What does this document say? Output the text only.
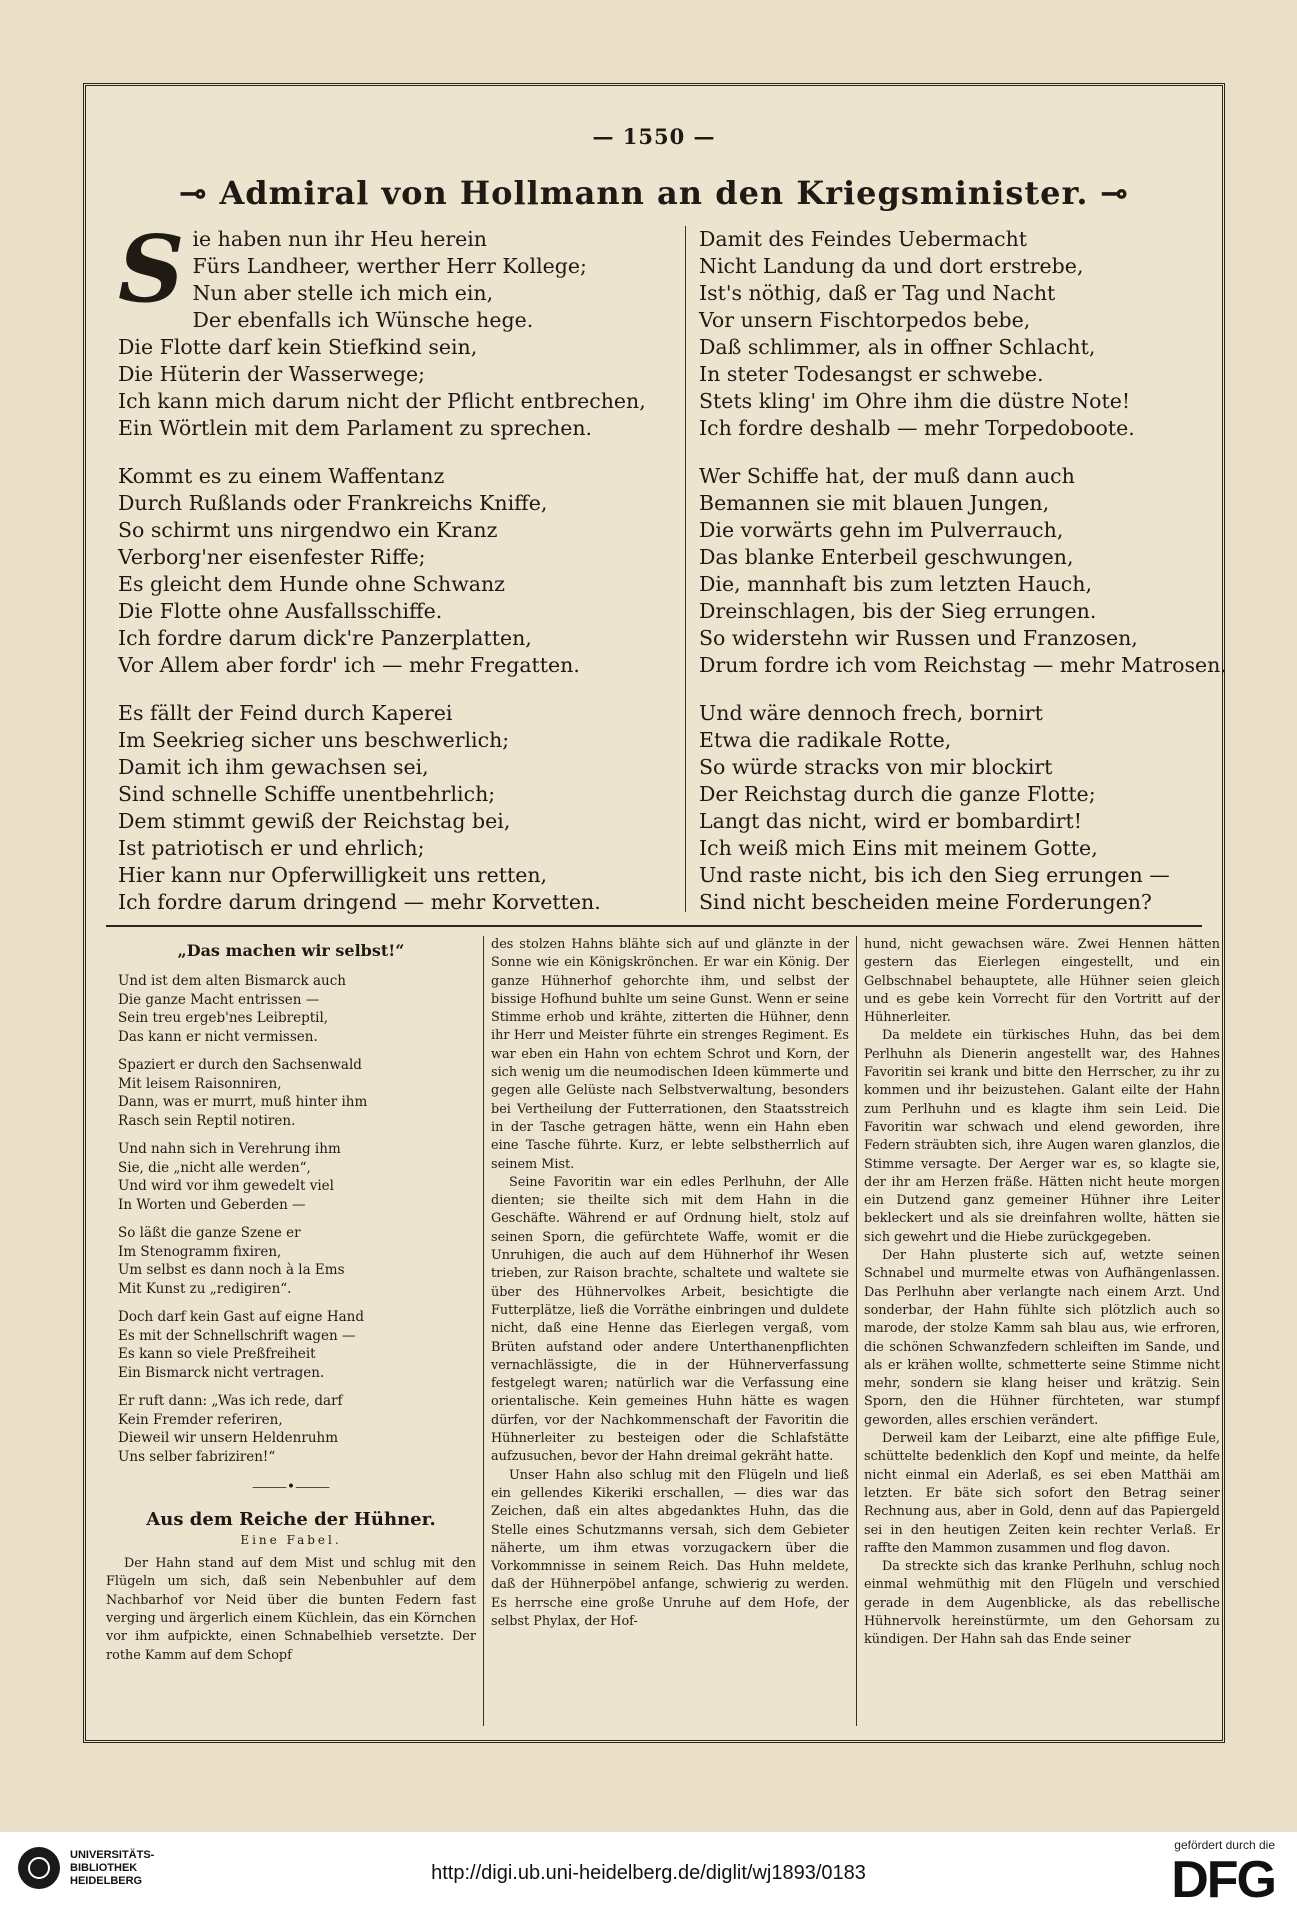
— 1550 —
⊸ Admiral von Hollmann an den Kriegsminister. ⊸
S ie haben nun ihr Heu herein
Fürs Landheer, werther Herr Kollege;
Nun aber stelle ich mich ein,
Der ebenfalls ich Wünsche hege.
Die Flotte darf kein Stiefkind sein,
Die Hüterin der Wasserwege;
Ich kann mich darum nicht der Pflicht entbrechen,
Ein Wörtlein mit dem Parlament zu sprechen.
Kommt es zu einem Waffentanz
Durch Rußlands oder Frankreichs Kniffe,
So schirmt uns nirgendwo ein Kranz
Verborg'ner eisenfester Riffe;
Es gleicht dem Hunde ohne Schwanz
Die Flotte ohne Ausfallsschiffe.
Ich fordre darum dick're Panzerplatten,
Vor Allem aber fordr' ich — mehr Fregatten.
Es fällt der Feind durch Kaperei
Im Seekrieg sicher uns beschwerlich;
Damit ich ihm gewachsen sei,
Sind schnelle Schiffe unentbehrlich;
Dem stimmt gewiß der Reichstag bei,
Ist patriotisch er und ehrlich;
Hier kann nur Opferwilligkeit uns retten,
Ich fordre darum dringend — mehr Korvetten.
Damit des Feindes Uebermacht
Nicht Landung da und dort erstrebe,
Ist's nöthig, daß er Tag und Nacht
Vor unsern Fischtorpedos bebe,
Daß schlimmer, als in offner Schlacht,
In steter Todesangst er schwebe.
Stets kling' im Ohre ihm die düstre Note!
Ich fordre deshalb — mehr Torpedoboote.
Wer Schiffe hat, der muß dann auch
Bemannen sie mit blauen Jungen,
Die vorwärts gehn im Pulverrauch,
Das blanke Enterbeil geschwungen,
Die, mannhaft bis zum letzten Hauch,
Dreinschlagen, bis der Sieg errungen.
So widerstehn wir Russen und Franzosen,
Drum fordre ich vom Reichstag — mehr Matrosen.
Und wäre dennoch frech, bornirt
Etwa die radikale Rotte,
So würde stracks von mir blockirt
Der Reichstag durch die ganze Flotte;
Langt das nicht, wird er bombardirt!
Ich weiß mich Eins mit meinem Gotte,
Und raste nicht, bis ich den Sieg errungen —
Sind nicht bescheiden meine Forderungen?
„Das machen wir selbst!“
Und ist dem alten Bismarck auch
Die ganze Macht entrissen —
Sein treu ergeb'nes Leibreptil,
Das kann er nicht vermissen.
Spaziert er durch den Sachsenwald
Mit leisem Raisonniren,
Dann, was er murrt, muß hinter ihm
Rasch sein Reptil notiren.
Und nahn sich in Verehrung ihm
Sie, die „nicht alle werden“,
Und wird vor ihm gewedelt viel
In Worten und Geberden —
So läßt die ganze Szene er
Im Stenogramm fixiren,
Um selbst es dann noch à la Ems
Mit Kunst zu „redigiren“.
Doch darf kein Gast auf eigne Hand
Es mit der Schnellschrift wagen —
Es kann so viele Preßfreiheit
Ein Bismarck nicht vertragen.
Er ruft dann: „Was ich rede, darf
Kein Fremder referiren,
Dieweil wir unsern Heldenruhm
Uns selber fabriziren!“
⸻•⸻
Aus dem Reiche der Hühner.
Eine Fabel.

Der Hahn stand auf dem Mist und schlug mit den Flügeln um sich, daß sein Nebenbuhler auf dem Nachbarhof vor Neid über die bunten Federn fast verging und ärgerlich einem Küchlein, das ein Körnchen vor ihm aufpickte, einen Schnabelhieb versetzte. Der rothe Kamm auf dem Schopf

des stolzen Hahns blähte sich auf und glänzte in der Sonne wie ein Königskrönchen. Er war ein König. Der ganze Hühnerhof gehorchte ihm, und selbst der bissige Hofhund buhlte um seine Gunst. Wenn er seine Stimme erhob und krähte, zitterten die Hühner, denn ihr Herr und Meister führte ein strenges Regiment. Es war eben ein Hahn von echtem Schrot und Korn, der sich wenig um die neumodischen Ideen kümmerte und gegen alle Gelüste nach Selbstverwaltung, besonders bei Vertheilung der Futterrationen, den Staatsstreich in der Tasche getragen hätte, wenn ein Hahn eben eine Tasche führte. Kurz, er lebte selbstherrlich auf seinem Mist.

Seine Favoritin war ein edles Perlhuhn, der Alle dienten; sie theilte sich mit dem Hahn in die Geschäfte. Während er auf Ordnung hielt, stolz auf seinen Sporn, die gefürchtete Waffe, womit er die Unruhigen, die auch auf dem Hühnerhof ihr Wesen trieben, zur Raison brachte, schaltete und waltete sie über des Hühnervolkes Arbeit, besichtigte die Futterplätze, ließ die Vorräthe einbringen und duldete nicht, daß eine Henne das Eierlegen vergaß, vom Brüten aufstand oder andere Unterthanenpflichten vernachlässigte, die in der Hühnerverfassung festgelegt waren; natürlich war die Verfassung eine orientalische. Kein gemeines Huhn hätte es wagen dürfen, vor der Nachkommenschaft der Favoritin die Hühnerleiter zu besteigen oder die Schlafstätte aufzusuchen, bevor der Hahn dreimal gekräht hatte.

Unser Hahn also schlug mit den Flügeln und ließ ein gellendes Kikeriki erschallen, — dies war das Zeichen, daß ein altes abgedanktes Huhn, das die Stelle eines Schutzmanns versah, sich dem Gebieter näherte, um ihm etwas vorzugackern über die Vorkommnisse in seinem Reich. Das Huhn meldete, daß der Hühnerpöbel anfange, schwierig zu werden. Es herrsche eine große Unruhe auf dem Hofe, der selbst Phylax, der Hof-

hund, nicht gewachsen wäre. Zwei Hennen hätten gestern das Eierlegen eingestellt, und ein Gelbschnabel behauptete, alle Hühner seien gleich und es gebe kein Vorrecht für den Vortritt auf der Hühnerleiter.

Da meldete ein türkisches Huhn, das bei dem Perlhuhn als Dienerin angestellt war, des Hahnes Favoritin sei krank und bitte den Herrscher, zu ihr zu kommen und ihr beizustehen. Galant eilte der Hahn zum Perlhuhn und es klagte ihm sein Leid. Die Favoritin war schwach und elend geworden, ihre Federn sträubten sich, ihre Augen waren glanzlos, die Stimme versagte. Der Aerger war es, so klagte sie, der ihr am Herzen fräße. Hätten nicht heute morgen ein Dutzend ganz gemeiner Hühner ihre Leiter bekleckert und als sie dreinfahren wollte, hätten sie sich gewehrt und die Hiebe zurückgegeben.

Der Hahn plusterte sich auf, wetzte seinen Schnabel und murmelte etwas von Aufhängenlassen. Das Perlhuhn aber verlangte nach einem Arzt. Und sonderbar, der Hahn fühlte sich plötzlich auch so marode, der stolze Kamm sah blau aus, wie erfroren, die schönen Schwanzfedern schleiften im Sande, und als er krähen wollte, schmetterte seine Stimme nicht mehr, sondern sie klang heiser und krätzig. Sein Sporn, den die Hühner fürchteten, war stumpf geworden, alles erschien verändert.

Derweil kam der Leibarzt, eine alte pfiffige Eule, schüttelte bedenklich den Kopf und meinte, da helfe nicht einmal ein Aderlaß, es sei eben Matthäi am letzten. Er bäte sich sofort den Betrag seiner Rechnung aus, aber in Gold, denn auf das Papiergeld sei in den heutigen Zeiten kein rechter Verlaß. Er raffte den Mammon zusammen und flog davon.

Da streckte sich das kranke Perlhuhn, schlug noch einmal wehmüthig mit den Flügeln und verschied gerade in dem Augenblicke, als das rebellische Hühnervolk hereinstürmte, um den Gehorsam zu kündigen. Der Hahn sah das Ende seiner

UNIVERSITÄTS-
BIBLIOTHEK
HEIDELBERG	http://digi.ub.uni-heidelberg.de/diglit/wj1893/0183
gefördert durch die
DFG
